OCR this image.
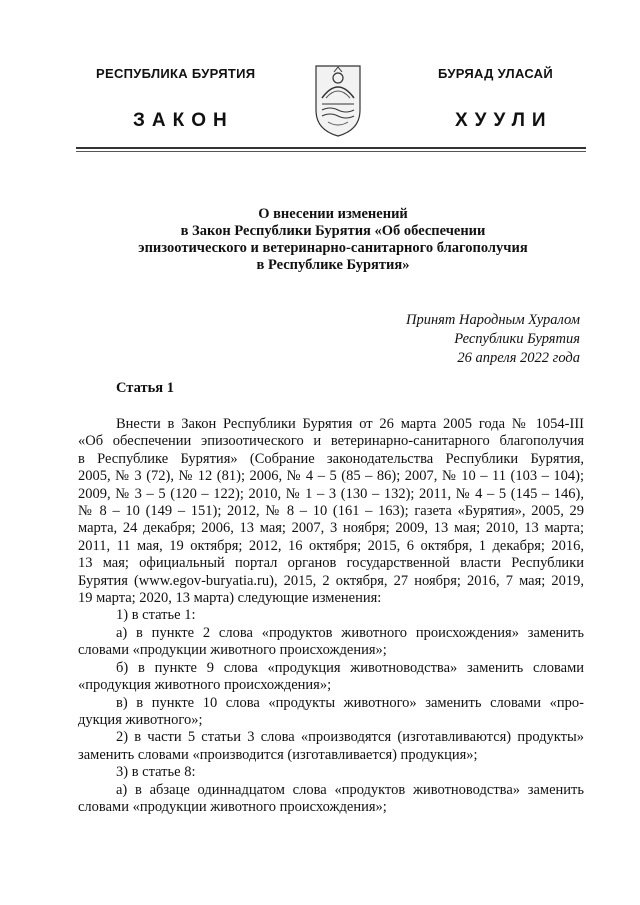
РЕСПУБЛИКА БУРЯТИЯ	БУРЯАД УЛАСАЙ
ЗАКОН	ХУУЛИ
О внесении изменений
в Закон Республики Бурятия «Об обеспечении
эпизоотического и ветеринарно-санитарного благополучия
в Республике Бурятия»
Принят Народным Хуралом
Республики Бурятия
26 апреля 2022 года
Статья 1
Внести в Закон Республики Бурятия от 26 марта 2005 года № 1054-III
«Об обеспечении эпизоотического и ветеринарно-санитарного благополучия
в Республике Бурятия» (Собрание законодательства Республики Бурятия,
2005, № 3 (72), № 12 (81); 2006, № 4 – 5 (85 – 86); 2007, № 10 – 11 (103 – 104);
2009, № 3 – 5 (120 – 122); 2010, № 1 – 3 (130 – 132); 2011, № 4 – 5 (145 – 146),
№ 8 – 10 (149 – 151); 2012, № 8 – 10 (161 – 163); газета «Бурятия», 2005, 29
марта, 24 декабря; 2006, 13 мая; 2007, 3 ноября; 2009, 13 мая; 2010, 13 марта;
2011, 11 мая, 19 октября; 2012, 16 октября; 2015, 6 октября, 1 декабря; 2016,
13 мая; официальный портал органов государственной власти Республики
Бурятия (www.egov-buryatia.ru), 2015, 2 октября, 27 ноября; 2016, 7 мая; 2019,
19 марта; 2020, 13 марта) следующие изменения:
1) в статье 1:
а) в пункте 2 слова «продуктов животного происхождения» заменить
словами «продукции животного происхождения»;
б) в пункте 9 слова «продукция животноводства» заменить словами
«продукция животного происхождения»;
в) в пункте 10 слова «продукты животного» заменить словами «про-
дукция животного»;
2) в части 5 статьи 3 слова «производятся (изготавливаются) продукты»
заменить словами «производится (изготавливается) продукция»;
3) в статье 8:
а) в абзаце одиннадцатом слова «продуктов животноводства» заменить
словами «продукции животного происхождения»;
